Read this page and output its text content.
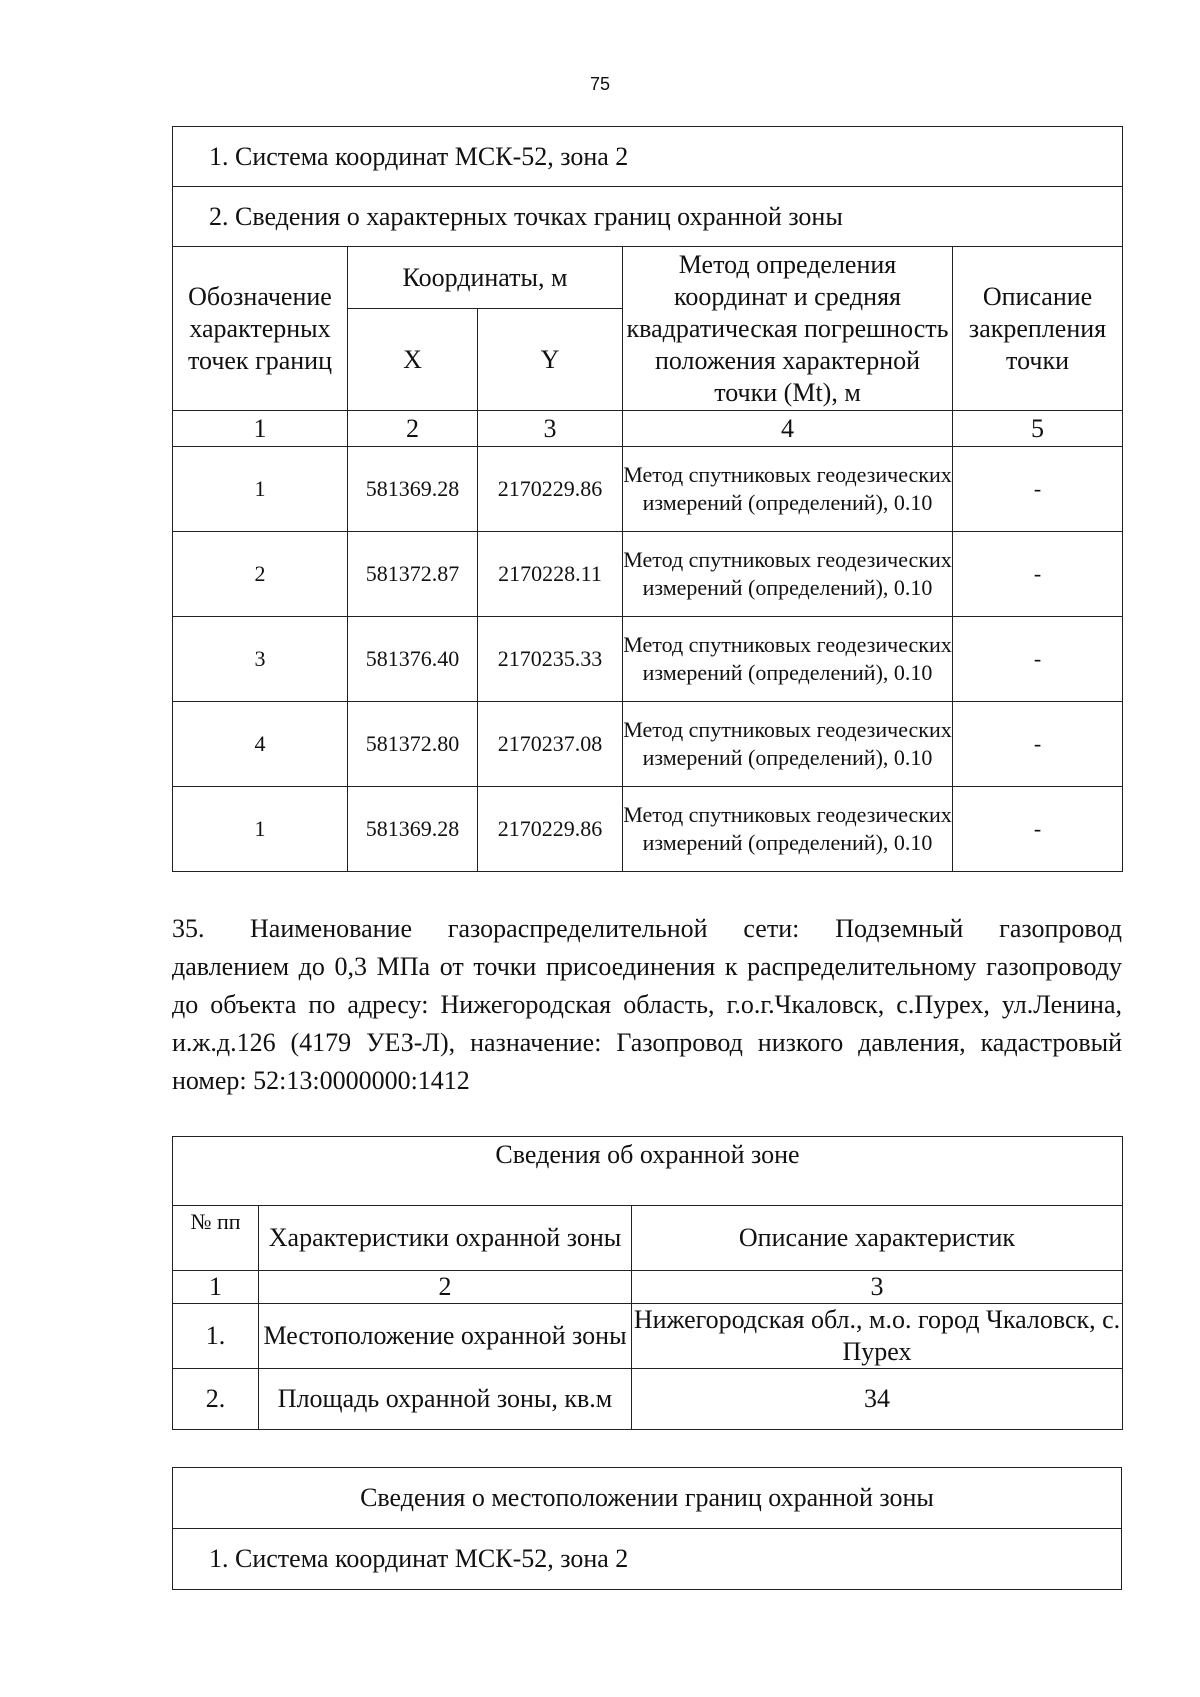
75
1. Система координат МСК-52, зона 2				
2. Сведения о характерных точках границ охранной зоны				
Обозначение характерных точек границ	Координаты, м		Метод определения координат и средняя квадратическая погрешность положения характерной точки (Mt), м	Описание закрепления точки
	X	Y		
1	2	3	4	5
1	581369.28	2170229.86	Метод спутниковых геодезических измерений (определений), 0.10	-
2	581372.87	2170228.11	Метод спутниковых геодезических измерений (определений), 0.10	-
3	581376.40	2170235.33	Метод спутниковых геодезических измерений (определений), 0.10	-
4	581372.80	2170237.08	Метод спутниковых геодезических измерений (определений), 0.10	-
1	581369.28	2170229.86	Метод спутниковых геодезических измерений (определений), 0.10	-
35. Наименование газораспределительной сети: Подземный газопровод давлением до 0,3 МПа от точки присоединения к распределительному газопроводу до объекта по адресу: Нижегородская область, г.о.г.Чкаловск, с.Пурех, ул.Ленина, и.ж.д.126 (4179 УЕЗ-Л), назначение: Газопровод низкого давления, кадастровый номер: 52:13:0000000:1412
Сведения об охранной зоне		
№ пп	Характеристики охранной зоны	Описание характеристик
1	2	3
1.	Местоположение охранной зоны	Нижегородская обл., м.о. город Чкаловск, с. Пурех
2.	Площадь охранной зоны, кв.м	34
Сведения о местоположении границ охранной зоны
1. Система координат МСК-52, зона 2
